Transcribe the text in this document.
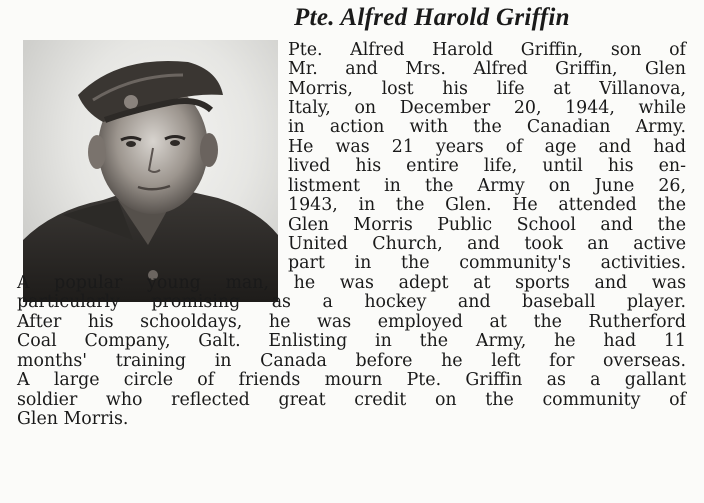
Pte. Alfred Harold Griffin
Pte. Alfred Harold Griffin, son of
Mr. and Mrs. Alfred Griffin, Glen
Morris, lost his life at Villanova,
Italy, on December 20, 1944, while
in action with the Canadian Army.
He was 21 years of age and had
lived his entire life, until his en-
listment in the Army on June 26,
1943, in the Glen. He attended the
Glen Morris Public School and the
United Church, and took an active
part in the community's activities.
A popular young man, he was adept at sports and was
particularly promising as a hockey and baseball player.
After his schooldays, he was employed at the Rutherford
Coal Company, Galt. Enlisting in the Army, he had 11
months' training in Canada before he left for overseas.
A large circle of friends mourn Pte. Griffin as a gallant
soldier who reflected great credit on the community of
Glen Morris.
